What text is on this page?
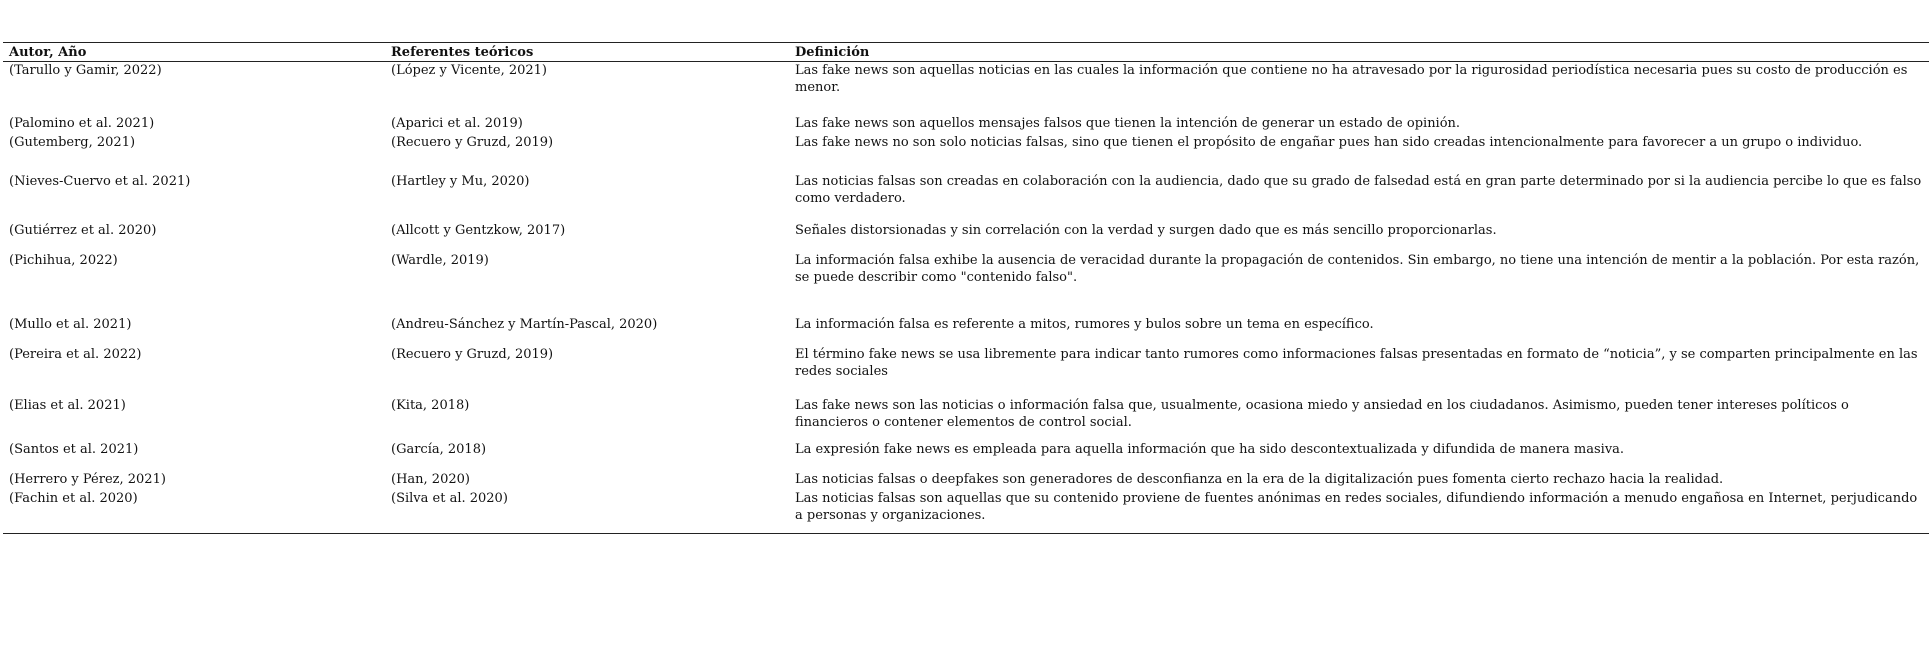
Autor, Año	Referentes teóricos	Definición
(Tarullo y Gamir, 2022)	(López y Vicente, 2021)	Las fake news son aquellas noticias en las cuales la información que contiene no ha atravesado por la rigurosidad periodística necesaria pues su costo de producción es menor.
(Palomino et al. 2021)	(Aparici et al. 2019)	Las fake news son aquellos mensajes falsos que tienen la intención de generar un estado de opinión.
(Gutemberg, 2021)	(Recuero y Gruzd, 2019)	Las fake news no son solo noticias falsas, sino que tienen el propósito de engañar pues han sido creadas intencionalmente para favorecer a un grupo o individuo.
(Nieves-Cuervo et al. 2021)	(Hartley y Mu, 2020)	Las noticias falsas son creadas en colaboración con la audiencia, dado que su grado de falsedad está en gran parte determinado por si la audiencia percibe lo que es falso como verdadero.
(Gutiérrez et al. 2020)	(Allcott y Gentzkow, 2017)	Señales distorsionadas y sin correlación con la verdad y surgen dado que es más sencillo proporcionarlas.
(Pichihua, 2022)	(Wardle, 2019)	La información falsa exhibe la ausencia de veracidad durante la propagación de contenidos. Sin embargo, no tiene una intención de mentir a la población. Por esta razón, se puede describir como "contenido falso".
(Mullo et al. 2021)	(Andreu-Sánchez y Martín-Pascal, 2020)	La información falsa es referente a mitos, rumores y bulos sobre un tema en específico.
(Pereira et al. 2022)	(Recuero y Gruzd, 2019)	El término fake news se usa libremente para indicar tanto rumores como informaciones falsas presentadas en formato de “noticia”, y se comparten principalmente en las redes sociales
(Elias et al. 2021)	(Kita, 2018)	Las fake news son las noticias o información falsa que, usualmente, ocasiona miedo y ansiedad en los ciudadanos. Asimismo, pueden tener intereses políticos o financieros o contener elementos de control social.
(Santos et al. 2021)	(García, 2018)	La expresión fake news es empleada para aquella información que ha sido descontextualizada y difundida de manera masiva.
(Herrero y Pérez, 2021)	(Han, 2020)	Las noticias falsas o deepfakes son generadores de desconfianza en la era de la digitalización pues fomenta cierto rechazo hacia la realidad.
(Fachin et al. 2020)	(Silva et al. 2020)	Las noticias falsas son aquellas que su contenido proviene de fuentes anónimas en redes sociales, difundiendo información a menudo engañosa en Internet, perjudicando a personas y organizaciones.
